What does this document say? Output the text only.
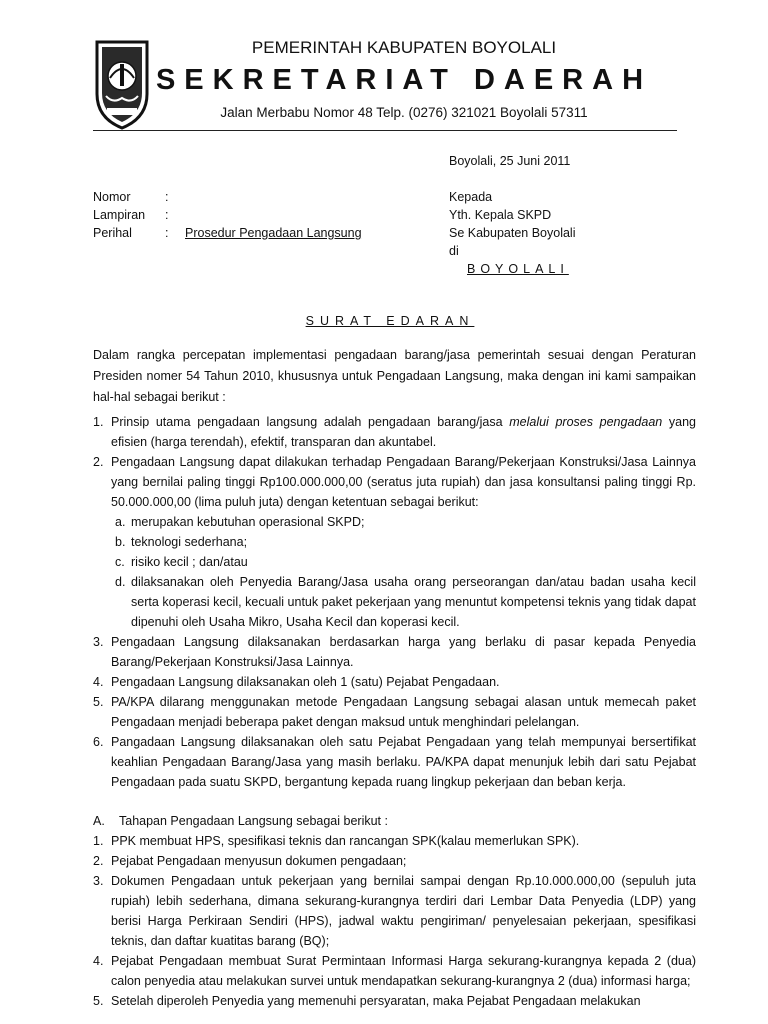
PEMERINTAH KABUPATEN BOYOLALI
SEKRETARIAT DAERAH
Jalan Merbabu Nomor 48 Telp. (0276) 321021 Boyolali 57311
Boyolali, 25 Juni 2011
Nomor	:
Lampiran	:
Perihal	:	Prosedur Pengadaan Langsung
Kepada
Yth. Kepala SKPD
Se Kabupaten Boyolali
di
BOYOLALI
SURAT EDARAN
Dalam rangka percepatan implementasi pengadaan barang/jasa pemerintah sesuai dengan Peraturan Presiden nomer 54 Tahun 2010, khususnya untuk Pengadaan Langsung, maka dengan ini kami sampaikan hal-hal sebagai berikut :
1. Prinsip utama pengadaan langsung adalah pengadaan barang/jasa melalui proses pengadaan yang efisien (harga terendah), efektif, transparan dan akuntabel.
2. Pengadaan Langsung dapat dilakukan terhadap Pengadaan Barang/Pekerjaan Konstruksi/Jasa Lainnya yang bernilai paling tinggi Rp100.000.000,00 (seratus juta rupiah) dan jasa konsultansi paling tinggi Rp. 50.000.000,00 (lima puluh juta) dengan ketentuan sebagai berikut:
a. merupakan kebutuhan operasional SKPD;
b. teknologi sederhana;
c. risiko kecil ; dan/atau
d. dilaksanakan oleh Penyedia Barang/Jasa usaha orang perseorangan dan/atau badan usaha kecil serta koperasi kecil, kecuali untuk paket pekerjaan yang menuntut kompetensi teknis yang tidak dapat dipenuhi oleh Usaha Mikro, Usaha Kecil dan koperasi kecil.
3. Pengadaan Langsung dilaksanakan berdasarkan harga yang berlaku di pasar kepada Penyedia Barang/Pekerjaan Konstruksi/Jasa Lainnya.
4. Pengadaan Langsung dilaksanakan oleh 1 (satu) Pejabat Pengadaan.
5. PA/KPA dilarang menggunakan metode Pengadaan Langsung sebagai alasan untuk memecah paket Pengadaan menjadi beberapa paket dengan maksud untuk menghindari pelelangan.
6. Pangadaan Langsung dilaksanakan oleh satu Pejabat Pengadaan yang telah mempunyai bersertifikat keahlian Pengadaan Barang/Jasa yang masih berlaku. PA/KPA dapat menunjuk lebih dari satu Pejabat Pengadaan pada suatu SKPD, bergantung kepada ruang lingkup pekerjaan dan beban kerja.
A.	Tahapan Pengadaan Langsung sebagai berikut :
1. PPK membuat HPS, spesifikasi teknis dan rancangan SPK(kalau memerlukan SPK).
2. Pejabat Pengadaan menyusun dokumen pengadaan;
3. Dokumen Pengadaan untuk pekerjaan yang bernilai sampai dengan Rp.10.000.000,00 (sepuluh juta rupiah) lebih sederhana, dimana sekurang-kurangnya terdiri dari Lembar Data Penyedia (LDP) yang berisi Harga Perkiraan Sendiri (HPS), jadwal waktu pengiriman/ penyelesaian pekerjaan, spesifikasi teknis, dan daftar kuatitas barang (BQ);
4. Pejabat Pengadaan membuat Surat Permintaan Informasi Harga sekurang-kurangnya kepada 2 (dua) calon penyedia atau melakukan survei untuk mendapatkan sekurang-kurangnya 2 (dua) informasi harga;
5. Setelah diperoleh Penyedia yang memenuhi persyaratan, maka Pejabat Pengadaan melakukan
